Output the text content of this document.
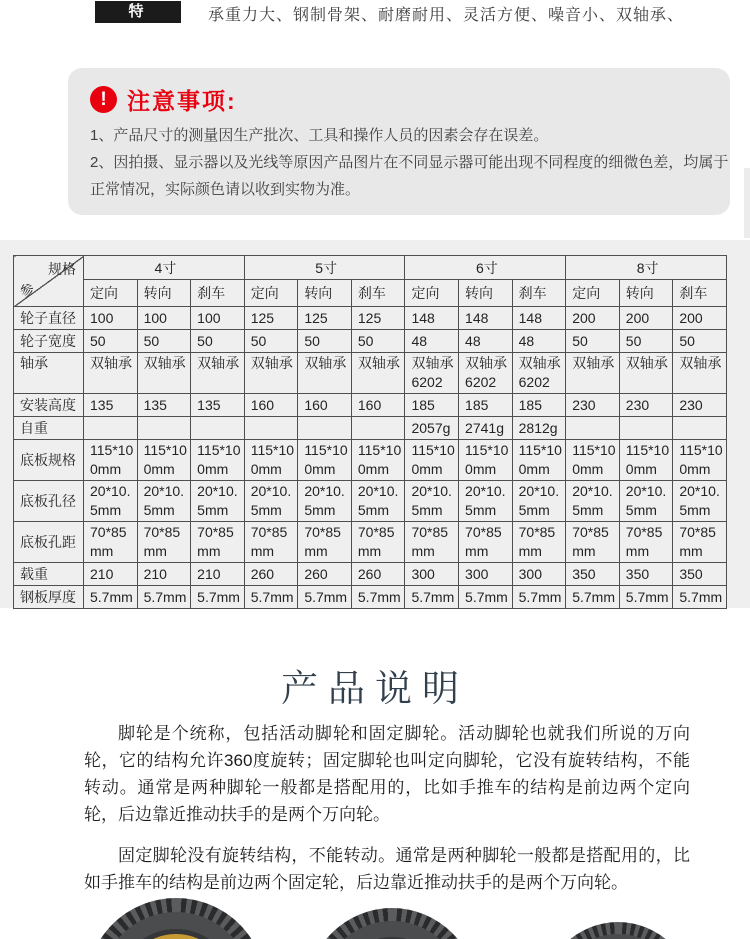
特 点
承重力大、钢制骨架、耐磨耐用、灵活方便、噪音小、双轴承、
! 注意事项:

1、产品尺寸的测量因生产批次、工具和操作人员的因素会存在误差。

2、因拍摄、显示器以及光线等原因产品图片在不同显示器可能出现不同程度的细微色差，均属于正常情况，实际颜色请以收到实物为准。

规格
参	4寸			5寸			6寸			8寸		
	定向	转向	刹车	定向	转向	刹车	定向	转向	刹车	定向	转向	刹车
轮子直径	100	100	100	125	125	125	148	148	148	200	200	200
轮子宽度	50	50	50	50	50	50	48	48	48	50	50	50
轴承	双轴承	双轴承	双轴承	双轴承	双轴承	双轴承	双轴承 6202	双轴承 6202	双轴承 6202	双轴承	双轴承	双轴承
安装高度	135	135	135	160	160	160	185	185	185	230	230	230
自重							2057g	2741g	2812g			
底板规格	115*100mm	115*100mm	115*100mm	115*100mm	115*100mm	115*100mm	115*100mm	115*100mm	115*100mm	115*100mm	115*100mm	115*100mm
底板孔径	20*10.5mm	20*10.5mm	20*10.5mm	20*10.5mm	20*10.5mm	20*10.5mm	20*10.5mm	20*10.5mm	20*10.5mm	20*10.5mm	20*10.5mm	20*10.5mm
底板孔距	70*85mm	70*85mm	70*85mm	70*85mm	70*85mm	70*85mm	70*85mm	70*85mm	70*85mm	70*85mm	70*85mm	70*85mm
载重	210	210	210	260	260	260	300	300	300	350	350	350
钢板厚度	5.7mm	5.7mm	5.7mm	5.7mm	5.7mm	5.7mm	5.7mm	5.7mm	5.7mm	5.7mm	5.7mm	5.7mm
产品说明

脚轮是个统称，包括活动脚轮和固定脚轮。活动脚轮也就我们所说的万向轮，它的结构允许360度旋转；固定脚轮也叫定向脚轮，它没有旋转结构，不能转动。通常是两种脚轮一般都是搭配用的，比如手推车的结构是前边两个定向轮，后边靠近推动扶手的是两个万向轮。

固定脚轮没有旋转结构，不能转动。通常是两种脚轮一般都是搭配用的，比如手推车的结构是前边两个固定轮，后边靠近推动扶手的是两个万向轮。
